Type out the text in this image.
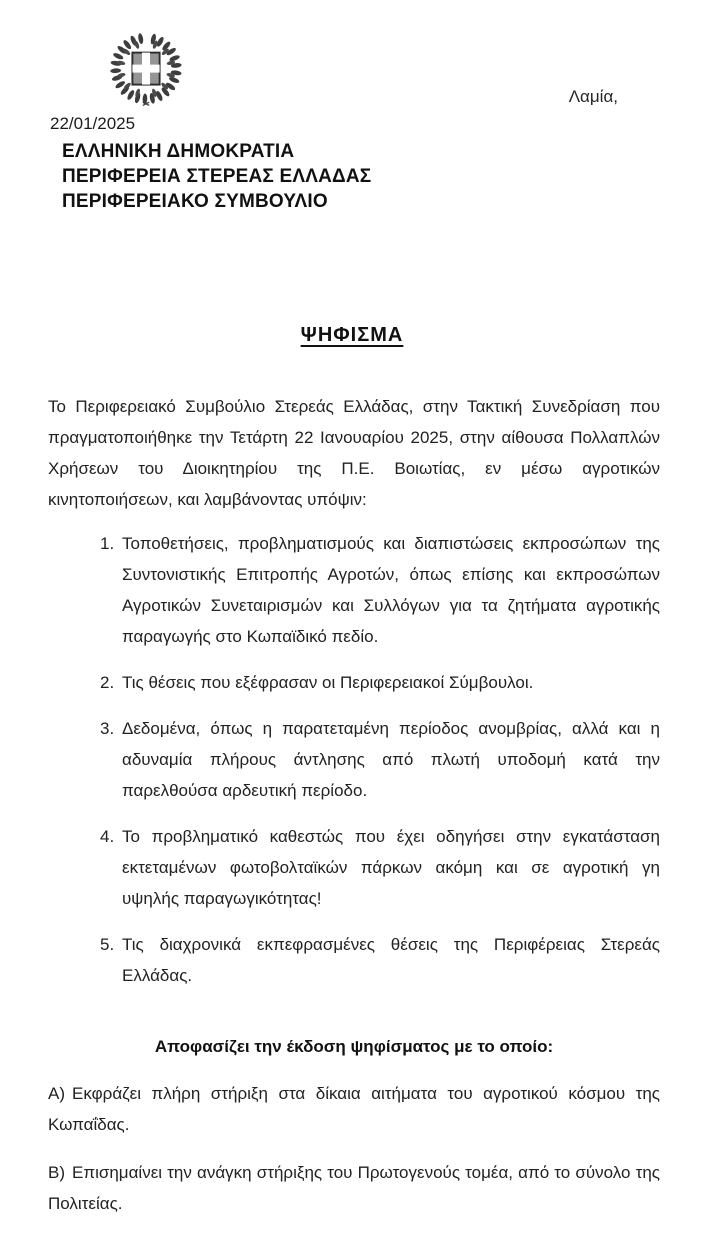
Λαμία,
22/01/2025
ΕΛΛΗΝΙΚΗ ΔΗΜΟΚΡΑΤΙΑ
ΠΕΡΙΦΕΡΕΙΑ ΣΤΕΡΕΑΣ ΕΛΛΑΔΑΣ
ΠΕΡΙΦΕΡΕΙΑΚΟ ΣΥΜΒΟΥΛΙΟ
ΨΗΦΙΣΜΑ

Το Περιφερειακό Συμβούλιο Στερεάς Ελλάδας, στην Τακτική Συνεδρίαση που πραγματοποιήθηκε την Τετάρτη 22 Ιανουαρίου 2025, στην αίθουσα Πολλαπλών Χρήσεων του Διοικητηρίου της Π.Ε. Βοιωτίας, εν μέσω αγροτικών κινητοποιήσεων, και λαμβάνοντας υπόψιν:

1. Τοποθετήσεις, προβληματισμούς και διαπιστώσεις εκπροσώπων της Συντονιστικής Επιτροπής Αγροτών, όπως επίσης και εκπροσώπων Αγροτικών Συνεταιρισμών και Συλλόγων για τα ζητήματα αγροτικής παραγωγής στο Κωπαϊδικό πεδίο.
2. Τις θέσεις που εξέφρασαν οι Περιφερειακοί Σύμβουλοι.
3. Δεδομένα, όπως η παρατεταμένη περίοδος ανομβρίας, αλλά και η αδυναμία πλήρους άντλησης από πλωτή υποδομή κατά την παρελθούσα αρδευτική περίοδο.
4. Το προβληματικό καθεστώς που έχει οδηγήσει στην εγκατάσταση εκτεταμένων φωτοβολταϊκών πάρκων ακόμη και σε αγροτική γη υψηλής παραγωγικότητας!
5. Τις διαχρονικά εκπεφρασμένες θέσεις της Περιφέρειας Στερεάς Ελλάδας.

Αποφασίζει την έκδοση ψηφίσματος με το οποίο:

Α) Εκφράζει πλήρη στήριξη στα δίκαια αιτήματα του αγροτικού κόσμου της Κωπαΐδας.

Β) Επισημαίνει την ανάγκη στήριξης του Πρωτογενούς τομέα, από το σύνολο της Πολιτείας.
